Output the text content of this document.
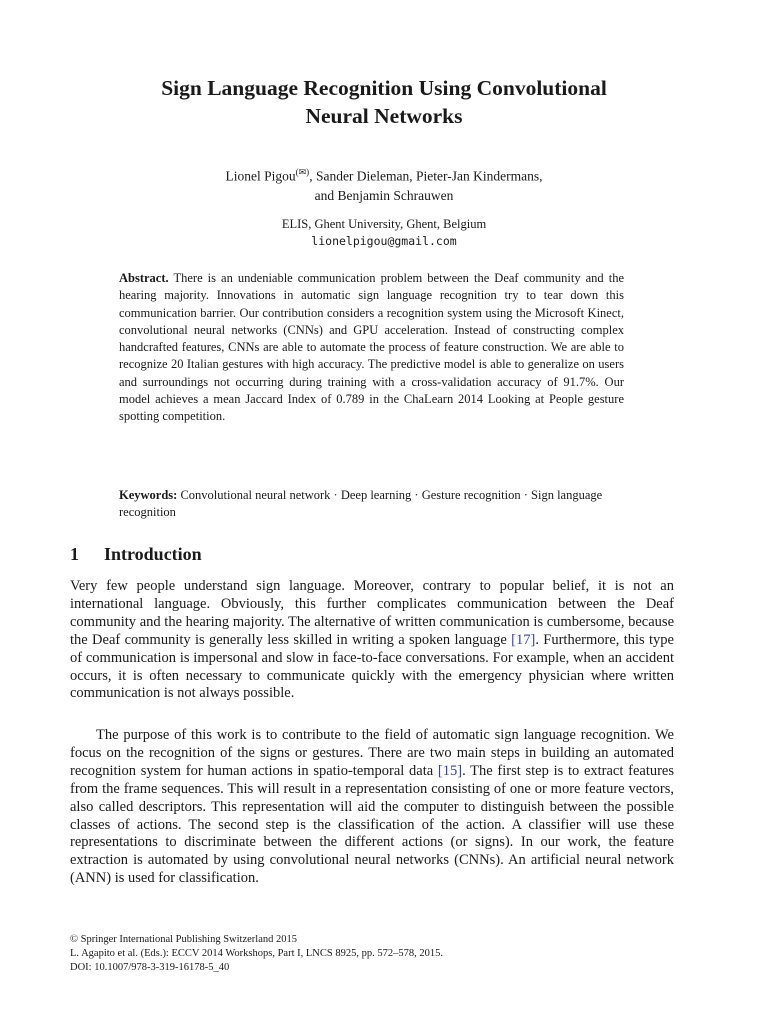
Sign Language Recognition Using Convolutional
Neural Networks
Lionel Pigou(✉), Sander Dieleman, Pieter-Jan Kindermans,
and Benjamin Schrauwen
ELIS, Ghent University, Ghent, Belgium
lionelpigou@gmail.com
Abstract. There is an undeniable communication problem between the Deaf community and the hearing majority. Innovations in automatic sign language recognition try to tear down this communication barrier. Our contribution considers a recognition system using the Microsoft Kinect, convolutional neural networks (CNNs) and GPU acceleration. Instead of constructing complex handcrafted features, CNNs are able to automate the process of feature construction. We are able to recognize 20 Italian gestures with high accuracy. The predictive model is able to generalize on users and surroundings not occurring during training with a cross-validation accuracy of 91.7%. Our model achieves a mean Jaccard Index of 0.789 in the ChaLearn 2014 Looking at People gesture spotting competition.
Keywords: Convolutional neural network · Deep learning · Gesture recognition · Sign language recognition
1 Introduction
Very few people understand sign language. Moreover, contrary to popular belief, it is not an international language. Obviously, this further complicates communication between the Deaf community and the hearing majority. The alternative of written communication is cumbersome, because the Deaf community is generally less skilled in writing a spoken language [17]. Furthermore, this type of communication is impersonal and slow in face-to-face conversations. For example, when an accident occurs, it is often necessary to communicate quickly with the emergency physician where written communication is not always possible.
The purpose of this work is to contribute to the field of automatic sign language recognition. We focus on the recognition of the signs or gestures. There are two main steps in building an automated recognition system for human actions in spatio-temporal data [15]. The first step is to extract features from the frame sequences. This will result in a representation consisting of one or more feature vectors, also called descriptors. This representation will aid the computer to distinguish between the possible classes of actions. The second step is the classification of the action. A classifier will use these representations to discriminate between the different actions (or signs). In our work, the feature extraction is automated by using convolutional neural networks (CNNs). An artificial neural network (ANN) is used for classification.
© Springer International Publishing Switzerland 2015
L. Agapito et al. (Eds.): ECCV 2014 Workshops, Part I, LNCS 8925, pp. 572–578, 2015.
DOI: 10.1007/978-3-319-16178-5_40
